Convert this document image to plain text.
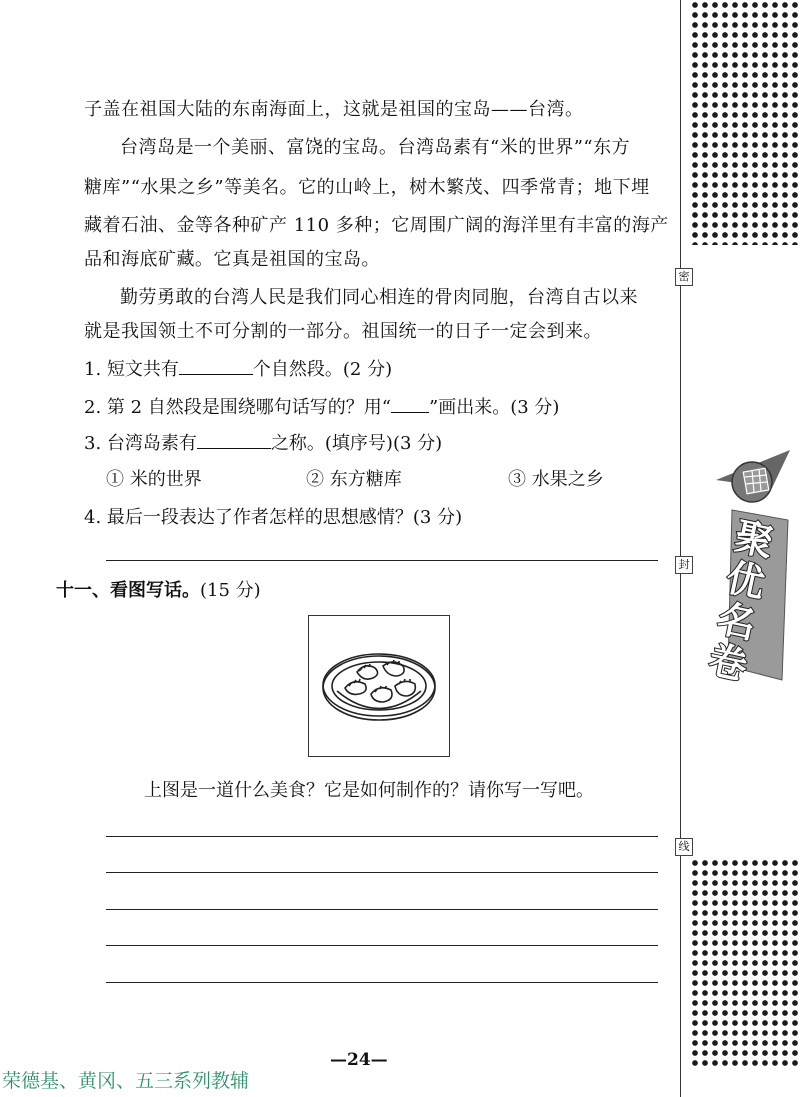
子盖在祖国大陆的东南海面上，这就是祖国的宝岛——台湾。
台湾岛是一个美丽、富饶的宝岛。台湾岛素有“米的世界”“东方
糖库”“水果之乡”等美名。它的山岭上，树木繁茂、四季常青；地下埋
藏着石油、金等各种矿产 110 多种；它周围广阔的海洋里有丰富的海产
品和海底矿藏。它真是祖国的宝岛。
勤劳勇敢的台湾人民是我们同心相连的骨肉同胞，台湾自古以来
就是我国领土不可分割的一部分。祖国统一的日子一定会到来。
1. 短文共有	个自然段。(2 分)
2. 第 2 自然段是围绕哪句话写的？用“ ”画出来。(3 分)
3. 台湾岛素有	之称。(填序号)(3 分)
① 米的世界	② 东方糖库	③ 水果之乡
4. 最后一段表达了作者怎样的思想感情？(3 分)
十一、看图写话。(15 分)
上图是一道什么美食？它是如何制作的？请你写一写吧。
—24—
荣德基、黄冈、五三系列教辅
密
封
线
聚优名卷
